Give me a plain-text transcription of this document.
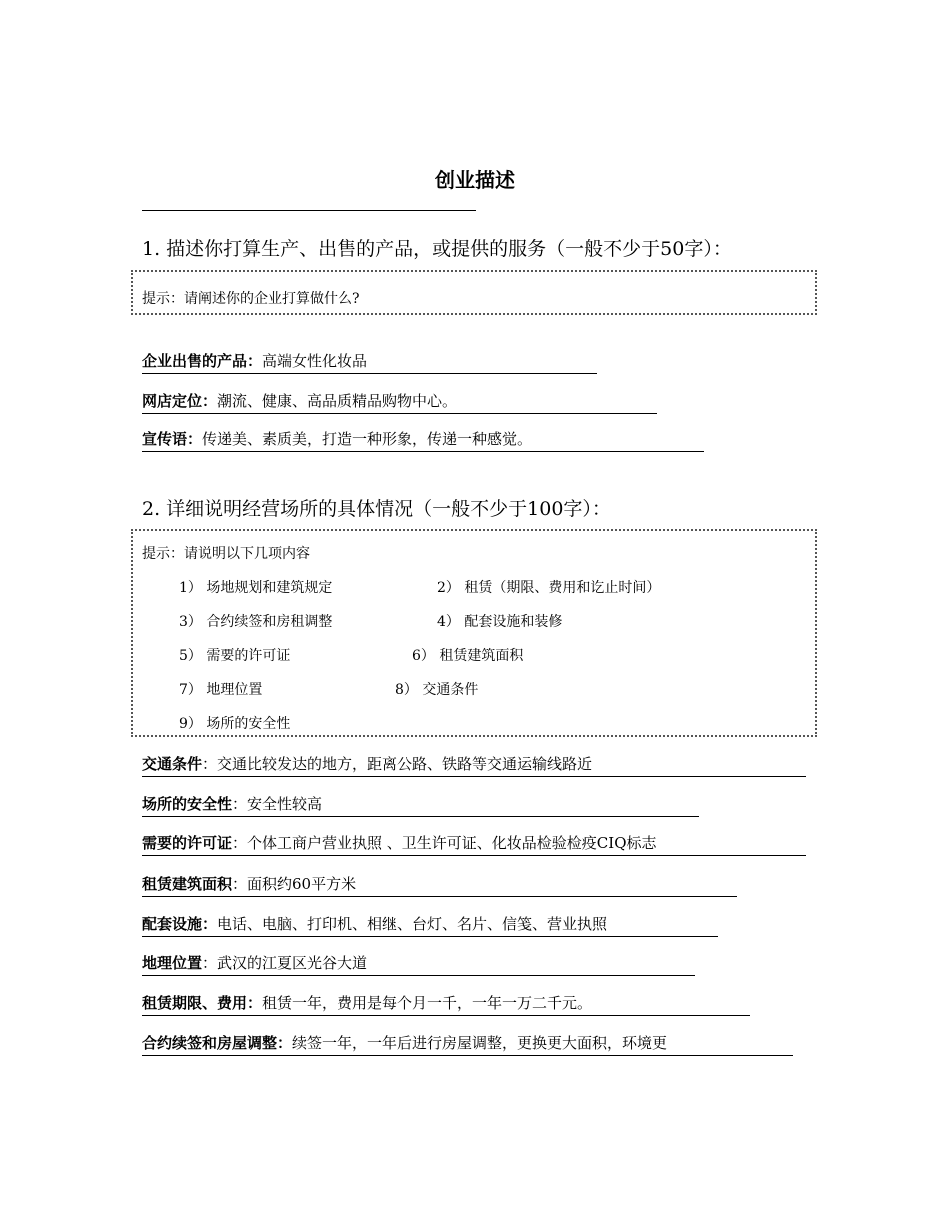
创业描述
1. 描述你打算生产、出售的产品，或提供的服务（一般不少于50字）：
提示：请阐述你的企业打算做什么?
企业出售的产品：高端女性化妆品
网店定位：潮流、健康、高品质精品购物中心。
宣传语：传递美、素质美，打造一种形象，传递一种感觉。
2. 详细说明经营场所的具体情况（一般不少于100字）：
提示：请说明以下几项内容
1） 场地规划和建筑规定	2） 租赁（期限、费用和讫止时间）
3） 合约续签和房租调整	4） 配套设施和装修
5） 需要的许可证	6） 租赁建筑面积
7） 地理位置	8） 交通条件
9） 场所的安全性
交通条件：交通比较发达的地方，距离公路、铁路等交通运输线路近
场所的安全性：安全性较高
需要的许可证：个体工商户营业执照 、卫生许可证、化妆品检验检疫CIQ标志
租赁建筑面积：面积约60平方米
配套设施：电话、电脑、打印机、相继、台灯、名片、信笺、营业执照
地理位置：武汉的江夏区光谷大道
租赁期限、费用：租赁一年，费用是每个月一千，一年一万二千元。
合约续签和房屋调整：续签一年，一年后进行房屋调整，更换更大面积，环境更
